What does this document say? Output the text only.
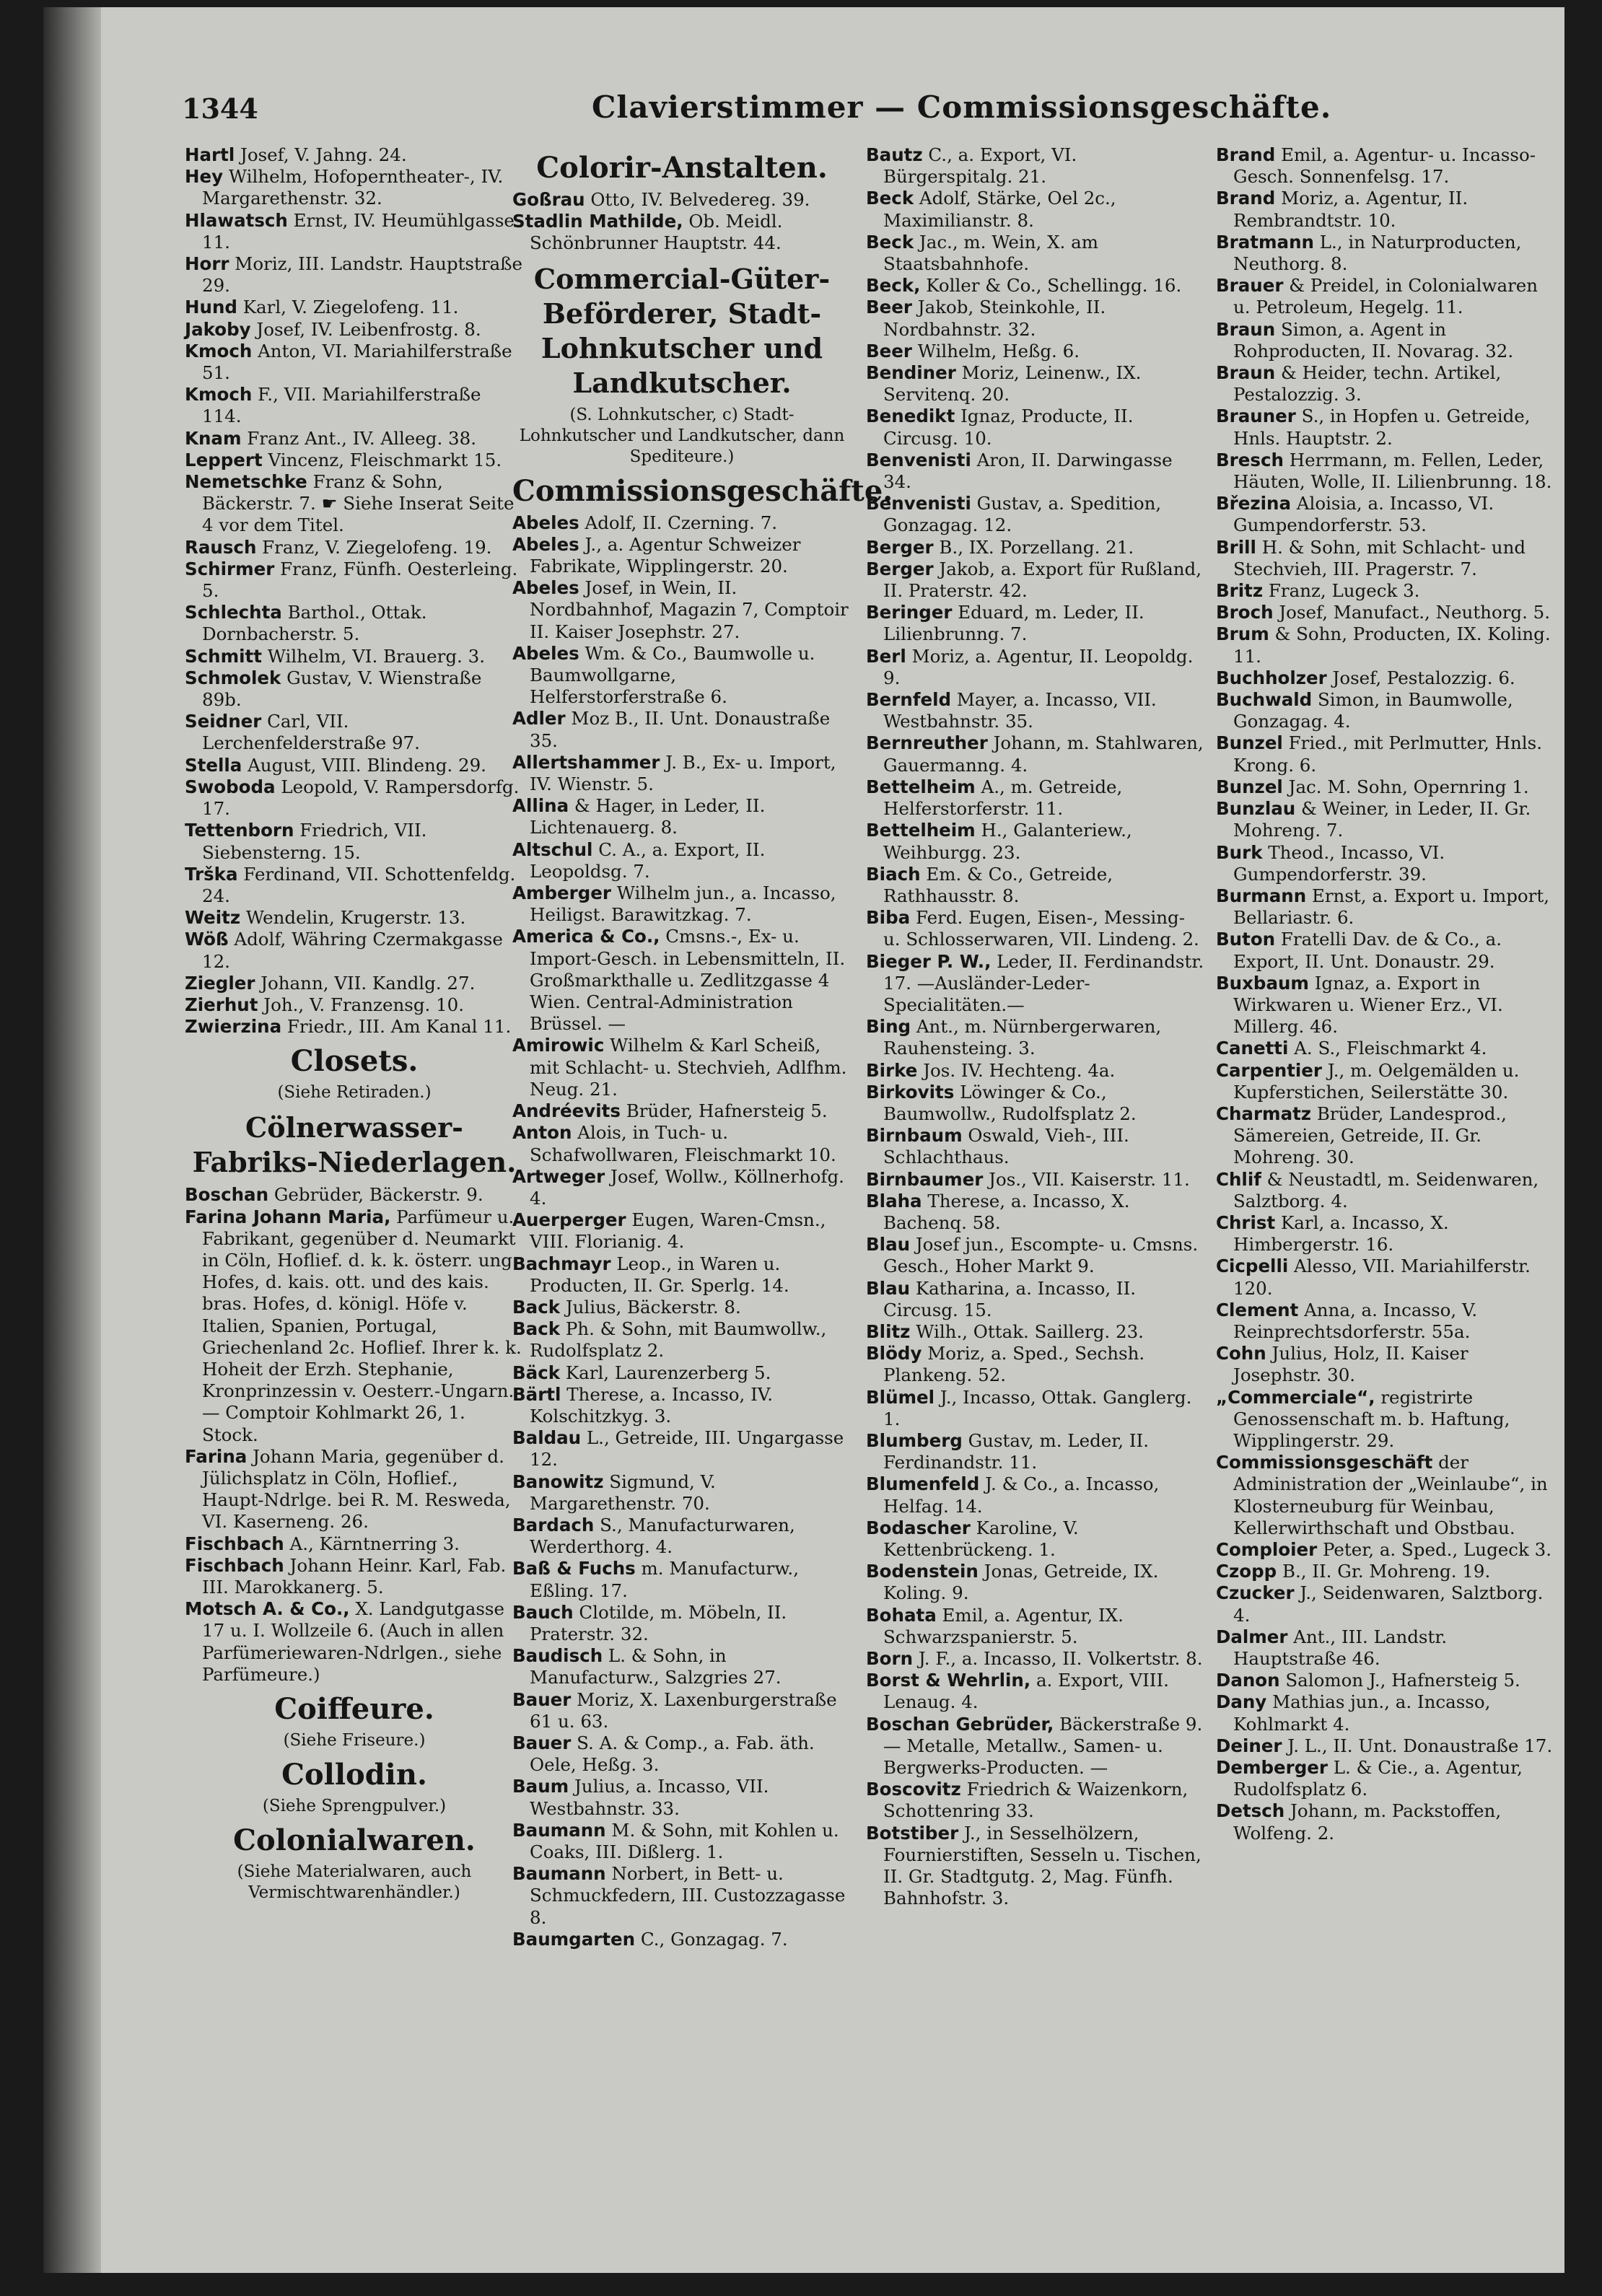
1344	Clavierstimmer — Commissionsgeschäfte.

Hartl Josef, V. Jahng. 24.

Hey Wilhelm, Hofoperntheater-, IV. Margarethenstr. 32.

Hlawatsch Ernst, IV. Heumühlgasse 11.

Horr Moriz, III. Landstr. Hauptstraße 29.

Hund Karl, V. Ziegelofeng. 11.

Jakoby Josef, IV. Leibenfrostg. 8.

Kmoch Anton, VI. Mariahilferstraße 51.

Kmoch F., VII. Mariahilferstraße 114.

Knam Franz Ant., IV. Alleeg. 38.

Leppert Vincenz, Fleischmarkt 15.

Nemetschke Franz & Sohn, Bäckerstr. 7. ☛ Siehe Inserat Seite 4 vor dem Titel.

Rausch Franz, V. Ziegelofeng. 19.

Schirmer Franz, Fünfh. Oesterleing. 5.

Schlechta Barthol., Ottak. Dornbacherstr. 5.

Schmitt Wilhelm, VI. Brauerg. 3.

Schmolek Gustav, V. Wienstraße 89b.

Seidner Carl, VII. Lerchenfelderstraße 97.

Stella August, VIII. Blindeng. 29.

Swoboda Leopold, V. Rampersdorfg. 17.

Tettenborn Friedrich, VII. Siebensterng. 15.

Trška Ferdinand, VII. Schottenfeldg. 24.

Weitz Wendelin, Krugerstr. 13.

Wöß Adolf, Währing Czermakgasse 12.

Ziegler Johann, VII. Kandlg. 27.

Zierhut Joh., V. Franzensg. 10.

Zwierzina Friedr., III. Am Kanal 11.

Closets.
(Siehe Retiraden.)
Cölnerwasser-Fabriks-Niederlagen.

Boschan Gebrüder, Bäckerstr. 9.

Farina Johann Maria, Parfümeur u. Fabrikant, gegenüber d. Neumarkt in Cöln, Hoflief. d. k. k. österr. ung. Hofes, d. kais. ott. und des kais. bras. Hofes, d. königl. Höfe v. Italien, Spanien, Portugal, Griechenland 2c. Hoflief. Ihrer k. k. Hoheit der Erzh. Stephanie, Kronprinzessin v. Oesterr.-Ungarn. — Comptoir Kohlmarkt 26, 1. Stock.

Farina Johann Maria, gegenüber d. Jülichsplatz in Cöln, Hoflief., Haupt-Ndrlge. bei R. M. Resweda, VI. Kaserneng. 26.

Fischbach A., Kärntnerring 3.

Fischbach Johann Heinr. Karl, Fab. III. Marokkanerg. 5.

Motsch A. & Co., X. Landgutgasse 17 u. I. Wollzeile 6. (Auch in allen Parfümeriewaren-Ndrlgen., siehe Parfümeure.)

Coiffeure.
(Siehe Friseure.)
Collodin.
(Siehe Sprengpulver.)
Colonialwaren.
(Siehe Materialwaren, auch Vermischtwarenhändler.)
Colorir-Anstalten.

Goßrau Otto, IV. Belvedereg. 39.

Stadlin Mathilde, Ob. Meidl. Schönbrunner Hauptstr. 44.

Commercial-Güter-Beförderer, Stadt-Lohnkutscher und Landkutscher.
(S. Lohnkutscher, c) Stadt-Lohnkutscher und Landkutscher, dann Spediteure.)
Commissionsgeschäfte.

Abeles Adolf, II. Czerning. 7.

Abeles J., a. Agentur Schweizer Fabrikate, Wipplingerstr. 20.

Abeles Josef, in Wein, II. Nordbahnhof, Magazin 7, Comptoir II. Kaiser Josephstr. 27.

Abeles Wm. & Co., Baumwolle u. Baumwollgarne, Helferstorferstraße 6.

Adler Moz B., II. Unt. Donaustraße 35.

Allertshammer J. B., Ex- u. Import, IV. Wienstr. 5.

Allina & Hager, in Leder, II. Lichtenauerg. 8.

Altschul C. A., a. Export, II. Leopoldsg. 7.

Amberger Wilhelm jun., a. Incasso, Heiligst. Barawitzkag. 7.

America & Co., Cmsns.-, Ex- u. Import-Gesch. in Lebensmitteln, II. Großmarkthalle u. Zedlitzgasse 4 Wien. Central-Administration Brüssel. —

Amirowic Wilhelm & Karl Scheiß, mit Schlacht- u. Stechvieh, Adlfhm. Neug. 21.

Andréevits Brüder, Hafnersteig 5.

Anton Alois, in Tuch- u. Schafwollwaren, Fleischmarkt 10.

Artweger Josef, Wollw., Köllnerhofg. 4.

Auerperger Eugen, Waren-Cmsn., VIII. Florianig. 4.

Bachmayr Leop., in Waren u. Producten, II. Gr. Sperlg. 14.

Back Julius, Bäckerstr. 8.

Back Ph. & Sohn, mit Baumwollw., Rudolfsplatz 2.

Bäck Karl, Laurenzerberg 5.

Bärtl Therese, a. Incasso, IV. Kolschitzkyg. 3.

Baldau L., Getreide, III. Ungargasse 12.

Banowitz Sigmund, V. Margarethenstr. 70.

Bardach S., Manufacturwaren, Werderthorg. 4.

Baß & Fuchs m. Manufacturw., Eßling. 17.

Bauch Clotilde, m. Möbeln, II. Praterstr. 32.

Baudisch L. & Sohn, in Manufacturw., Salzgries 27.

Bauer Moriz, X. Laxenburgerstraße 61 u. 63.

Bauer S. A. & Comp., a. Fab. äth. Oele, Heßg. 3.

Baum Julius, a. Incasso, VII. Westbahnstr. 33.

Baumann M. & Sohn, mit Kohlen u. Coaks, III. Dißlerg. 1.

Baumann Norbert, in Bett- u. Schmuckfedern, III. Custozzagasse 8.

Baumgarten C., Gonzagag. 7.

Bautz C., a. Export, VI. Bürgerspitalg. 21.

Beck Adolf, Stärke, Oel 2c., Maximilianstr. 8.

Beck Jac., m. Wein, X. am Staatsbahnhofe.

Beck, Koller & Co., Schellingg. 16.

Beer Jakob, Steinkohle, II. Nordbahnstr. 32.

Beer Wilhelm, Heßg. 6.

Bendiner Moriz, Leinenw., IX. Servitenq. 20.

Benedikt Ignaz, Producte, II. Circusg. 10.

Benvenisti Aron, II. Darwingasse 34.

Benvenisti Gustav, a. Spedition, Gonzagag. 12.

Berger B., IX. Porzellang. 21.

Berger Jakob, a. Export für Rußland, II. Praterstr. 42.

Beringer Eduard, m. Leder, II. Lilienbrunng. 7.

Berl Moriz, a. Agentur, II. Leopoldg. 9.

Bernfeld Mayer, a. Incasso, VII. Westbahnstr. 35.

Bernreuther Johann, m. Stahlwaren, Gauermanng. 4.

Bettelheim A., m. Getreide, Helferstorferstr. 11.

Bettelheim H., Galanteriew., Weihburgg. 23.

Biach Em. & Co., Getreide, Rathhausstr. 8.

Biba Ferd. Eugen, Eisen-, Messing- u. Schlosserwaren, VII. Lindeng. 2.

Bieger P. W., Leder, II. Ferdinandstr. 17. —Ausländer-Leder-Specialitäten.—

Bing Ant., m. Nürnbergerwaren, Rauhensteing. 3.

Birke Jos. IV. Hechteng. 4a.

Birkovits Löwinger & Co., Baumwollw., Rudolfsplatz 2.

Birnbaum Oswald, Vieh-, III. Schlachthaus.

Birnbaumer Jos., VII. Kaiserstr. 11.

Blaha Therese, a. Incasso, X. Bachenq. 58.

Blau Josef jun., Escompte- u. Cmsns. Gesch., Hoher Markt 9.

Blau Katharina, a. Incasso, II. Circusg. 15.

Blitz Wilh., Ottak. Saillerg. 23.

Blödy Moriz, a. Sped., Sechsh. Plankeng. 52.

Blümel J., Incasso, Ottak. Ganglerg. 1.

Blumberg Gustav, m. Leder, II. Ferdinandstr. 11.

Blumenfeld J. & Co., a. Incasso, Helfag. 14.

Bodascher Karoline, V. Kettenbrückeng. 1.

Bodenstein Jonas, Getreide, IX. Koling. 9.

Bohata Emil, a. Agentur, IX. Schwarzspanierstr. 5.

Born J. F., a. Incasso, II. Volkertstr. 8.

Borst & Wehrlin, a. Export, VIII. Lenaug. 4.

Boschan Gebrüder, Bäckerstraße 9. — Metalle, Metallw., Samen- u. Bergwerks-Producten. —

Boscovitz Friedrich & Waizenkorn, Schottenring 33.

Botstiber J., in Sesselhölzern, Fournierstiften, Sesseln u. Tischen, II. Gr. Stadtgutg. 2, Mag. Fünfh. Bahnhofstr. 3.

Brand Emil, a. Agentur- u. Incasso-Gesch. Sonnenfelsg. 17.

Brand Moriz, a. Agentur, II. Rembrandtstr. 10.

Bratmann L., in Naturproducten, Neuthorg. 8.

Brauer & Preidel, in Colonialwaren u. Petroleum, Hegelg. 11.

Braun Simon, a. Agent in Rohproducten, II. Novarag. 32.

Braun & Heider, techn. Artikel, Pestalozzig. 3.

Brauner S., in Hopfen u. Getreide, Hnls. Hauptstr. 2.

Bresch Herrmann, m. Fellen, Leder, Häuten, Wolle, II. Lilienbrunng. 18.

Březina Aloisia, a. Incasso, VI. Gumpendorferstr. 53.

Brill H. & Sohn, mit Schlacht- und Stechvieh, III. Pragerstr. 7.

Britz Franz, Lugeck 3.

Broch Josef, Manufact., Neuthorg. 5.

Brum & Sohn, Producten, IX. Koling. 11.

Buchholzer Josef, Pestalozzig. 6.

Buchwald Simon, in Baumwolle, Gonzagag. 4.

Bunzel Fried., mit Perlmutter, Hnls. Krong. 6.

Bunzel Jac. M. Sohn, Opernring 1.

Bunzlau & Weiner, in Leder, II. Gr. Mohreng. 7.

Burk Theod., Incasso, VI. Gumpendorferstr. 39.

Burmann Ernst, a. Export u. Import, Bellariastr. 6.

Buton Fratelli Dav. de & Co., a. Export, II. Unt. Donaustr. 29.

Buxbaum Ignaz, a. Export in Wirkwaren u. Wiener Erz., VI. Millerg. 46.

Canetti A. S., Fleischmarkt 4.

Carpentier J., m. Oelgemälden u. Kupferstichen, Seilerstätte 30.

Charmatz Brüder, Landesprod., Sämereien, Getreide, II. Gr. Mohreng. 30.

Chlif & Neustadtl, m. Seidenwaren, Salztborg. 4.

Christ Karl, a. Incasso, X. Himbergerstr. 16.

Cicpelli Alesso, VII. Mariahilferstr. 120.

Clement Anna, a. Incasso, V. Reinprechtsdorferstr. 55a.

Cohn Julius, Holz, II. Kaiser Josephstr. 30.

„Commerciale“, registrirte Genossenschaft m. b. Haftung, Wipplingerstr. 29.

Commissionsgeschäft der Administration der „Weinlaube“, in Klosterneuburg für Weinbau, Kellerwirthschaft und Obstbau.

Comploier Peter, a. Sped., Lugeck 3.

Czopp B., II. Gr. Mohreng. 19.

Czucker J., Seidenwaren, Salztborg. 4.

Dalmer Ant., III. Landstr. Hauptstraße 46.

Danon Salomon J., Hafnersteig 5.

Dany Mathias jun., a. Incasso, Kohlmarkt 4.

Deiner J. L., II. Unt. Donaustraße 17.

Demberger L. & Cie., a. Agentur, Rudolfsplatz 6.

Detsch Johann, m. Packstoffen, Wolfeng. 2.
